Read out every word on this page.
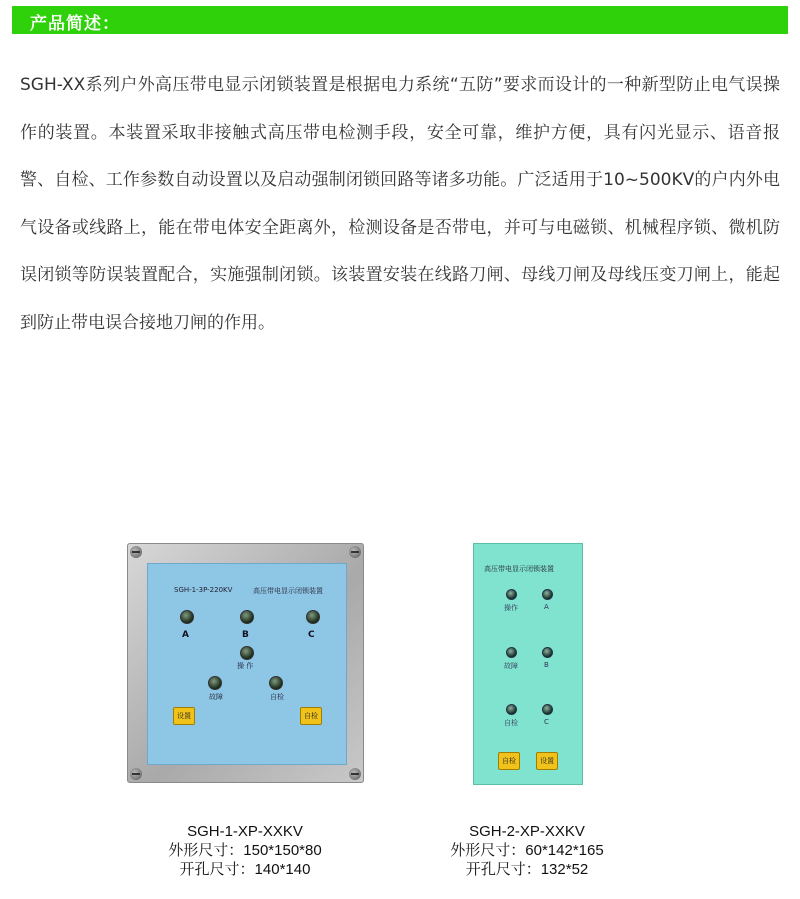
产品简述：
SGH-XX系列户外高压带电显示闭锁装置是根据电力系统“五防”要求而设计的一种新型防止电气误操作的装置。本装置采取非接触式高压带电检测手段，安全可靠，维护方便，具有闪光显示、语音报警、自检、工作参数自动设置以及启动强制闭锁回路等诸多功能。广泛适用于10~500KV的户内外电气设备或线路上，能在带电体安全距离外，检测设备是否带电，并可与电磁锁、机械程序锁、微机防误闭锁等防误装置配合，实施强制闭锁。该装置安装在线路刀闸、母线刀闸及母线压变刀闸上，能起到防止带电误合接地刀闸的作用。
SGH-1-3P-220KV	高压带电显示闭锁装置
A	B	C
操 作
故障	自检
设置	自检
高压带电显示闭锁装置
操作	A
故障	B
自检	C
自检	设置
SGH-1-XP-XXKV
外形尺寸：150*150*80
开孔尺寸：140*140
SGH-2-XP-XXKV
外形尺寸：60*142*165
开孔尺寸：132*52
